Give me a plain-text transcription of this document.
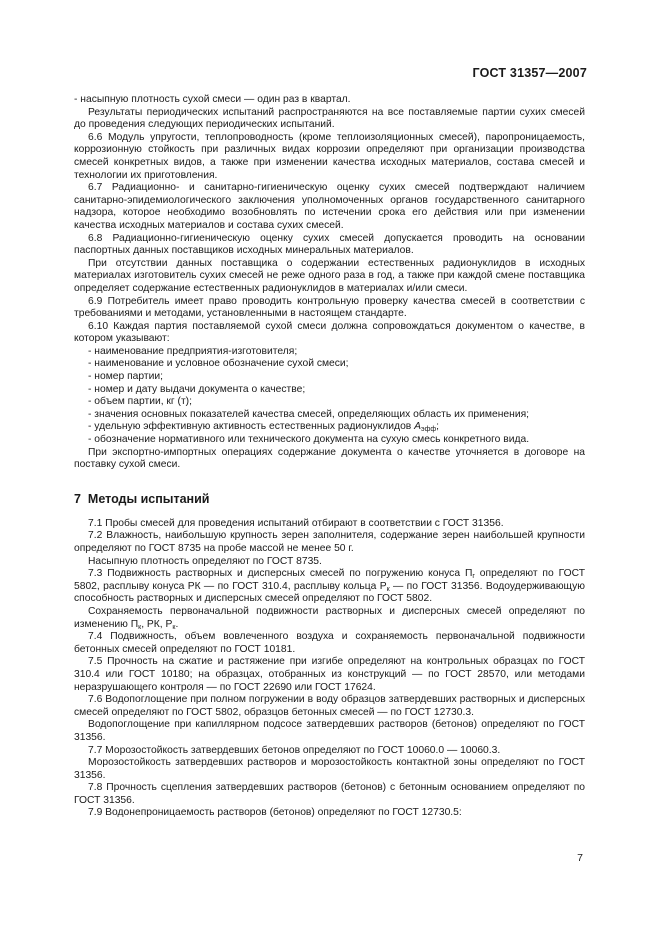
ГОСТ 31357—2007

- насыпную плотность сухой смеси — один раз в квартал.

Результаты периодических испытаний распространяются на все поставляемые партии сухих смесей до проведения следующих периодических испытаний.

6.6 Модуль упругости, теплопроводность (кроме теплоизоляционных смесей), паропроницаемость, коррозионную стойкость при различных видах коррозии определяют при организации производства смесей конкретных видов, а также при изменении качества исходных материалов, состава смесей и технологии их приготовления.

6.7 Радиационно- и санитарно-гигиеническую оценку сухих смесей подтверждают наличием санитарно-эпидемиологического заключения уполномоченных органов государственного санитарного надзора, которое необходимо возобновлять по истечении срока его действия или при изменении качества исходных материалов и состава сухих смесей.

6.8 Радиационно-гигиеническую оценку сухих смесей допускается проводить на основании паспортных данных поставщиков исходных минеральных материалов.

При отсутствии данных поставщика о содержании естественных радионуклидов в исходных материалах изготовитель сухих смесей не реже одного раза в год, а также при каждой смене поставщика определяет содержание естественных радионуклидов в материалах и/или смеси.

6.9 Потребитель имеет право проводить контрольную проверку качества смесей в соответствии с требованиями и методами, установленными в настоящем стандарте.

6.10 Каждая партия поставляемой сухой смеси должна сопровождаться документом о качестве, в котором указывают:

- наименование предприятия-изготовителя;

- наименование и условное обозначение сухой смеси;

- номер партии;

- номер и дату выдачи документа о качестве;

- объем партии, кг (т);

- значения основных показателей качества смесей, определяющих область их применения;

- удельную эффективную активность естественных радионуклидов $A_{эфф}$;

- обозначение нормативного или технического документа на сухую смесь конкретного вида.

При экспортно-импортных операциях содержание документа о качестве уточняется в договоре на поставку сухой смеси.

7 Методы испытаний

7.1 Пробы смесей для проведения испытаний отбирают в соответствии с ГОСТ 31356.

7.2 Влажность, наибольшую крупность зерен заполнителя, содержание зерен наибольшей крупности определяют по ГОСТ 8735 на пробе массой не менее 50 г.

Насыпную плотность определяют по ГОСТ 8735.

7.3 Подвижность растворных и дисперсных смесей по погружению конуса $П_г$ определяют по ГОСТ 5802, расплыву конуса РК — по ГОСТ 310.4, расплыву кольца $Р_к$ — по ГОСТ 31356. Водоудерживающую способность растворных и дисперсных смесей определяют по ГОСТ 5802.

Сохраняемость первоначальной подвижности растворных и дисперсных смесей определяют по изменению $П_к$, РК, $Р_к$.

7.4 Подвижность, объем вовлеченного воздуха и сохраняемость первоначальной подвижности бетонных смесей определяют по ГОСТ 10181.

7.5 Прочность на сжатие и растяжение при изгибе определяют на контрольных образцах по ГОСТ 310.4 или ГОСТ 10180; на образцах, отобранных из конструкций — по ГОСТ 28570, или методами неразрушающего контроля — по ГОСТ 22690 или ГОСТ 17624.

7.6 Водопоглощение при полном погружении в воду образцов затвердевших растворных и дисперсных смесей определяют по ГОСТ 5802, образцов бетонных смесей — по ГОСТ 12730.3.

Водопоглощение при капиллярном подсосе затвердевших растворов (бетонов) определяют по ГОСТ 31356.

7.7 Морозостойкость затвердевших бетонов определяют по ГОСТ 10060.0 — 10060.3.

Морозостойкость затвердевших растворов и морозостойкость контактной зоны определяют по ГОСТ 31356.

7.8 Прочность сцепления затвердевших растворов (бетонов) с бетонным основанием определяют по ГОСТ 31356.

7.9 Водонепроницаемость растворов (бетонов) определяют по ГОСТ 12730.5:

7
